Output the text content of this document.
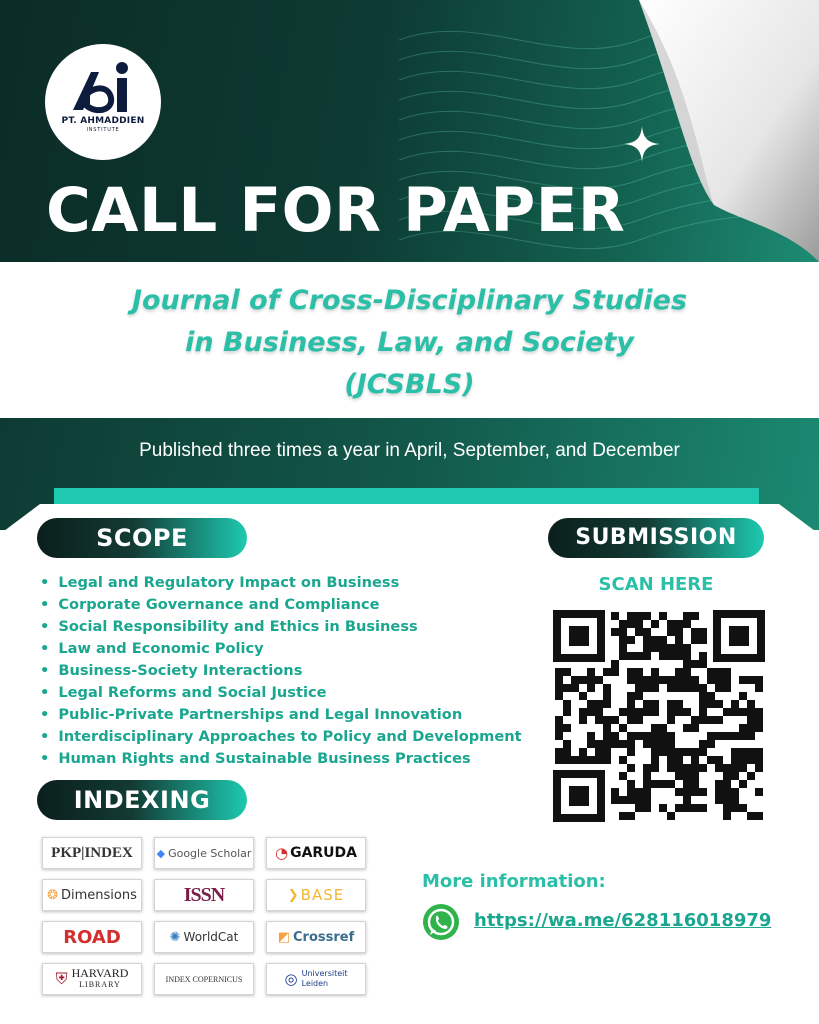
PT. AHMADDIEN
INSTITUTE
CALL FOR PAPER
Journal of Cross-Disciplinary Studies
in Business, Law, and Society
(JCSBLS)
Published three times a year in April, September, and December
SCOPE
• Legal and Regulatory Impact on Business
• Corporate Governance and Compliance
• Social Responsibility and Ethics in Business
• Law and Economic Policy
• Business-Society Interactions
• Legal Reforms and Social Justice
• Public-Private Partnerships and Legal Innovation
• Interdisciplinary Approaches to Policy and Development
• Human Rights and Sustainable Business Practices
SUBMISSION
SCAN HERE
INDEXING
PKP|INDEX ◆ Google Scholar ◔ GARUDA
❂ Dimensions ISSN	❯ BASE
ROAD	✺ WorldCat	◩ Crossref
⛨ HARVARD
LIBRARY
INDEX COPERNICUS	◎ Universiteit
Leiden
More information:
https://wa.me/628116018979
